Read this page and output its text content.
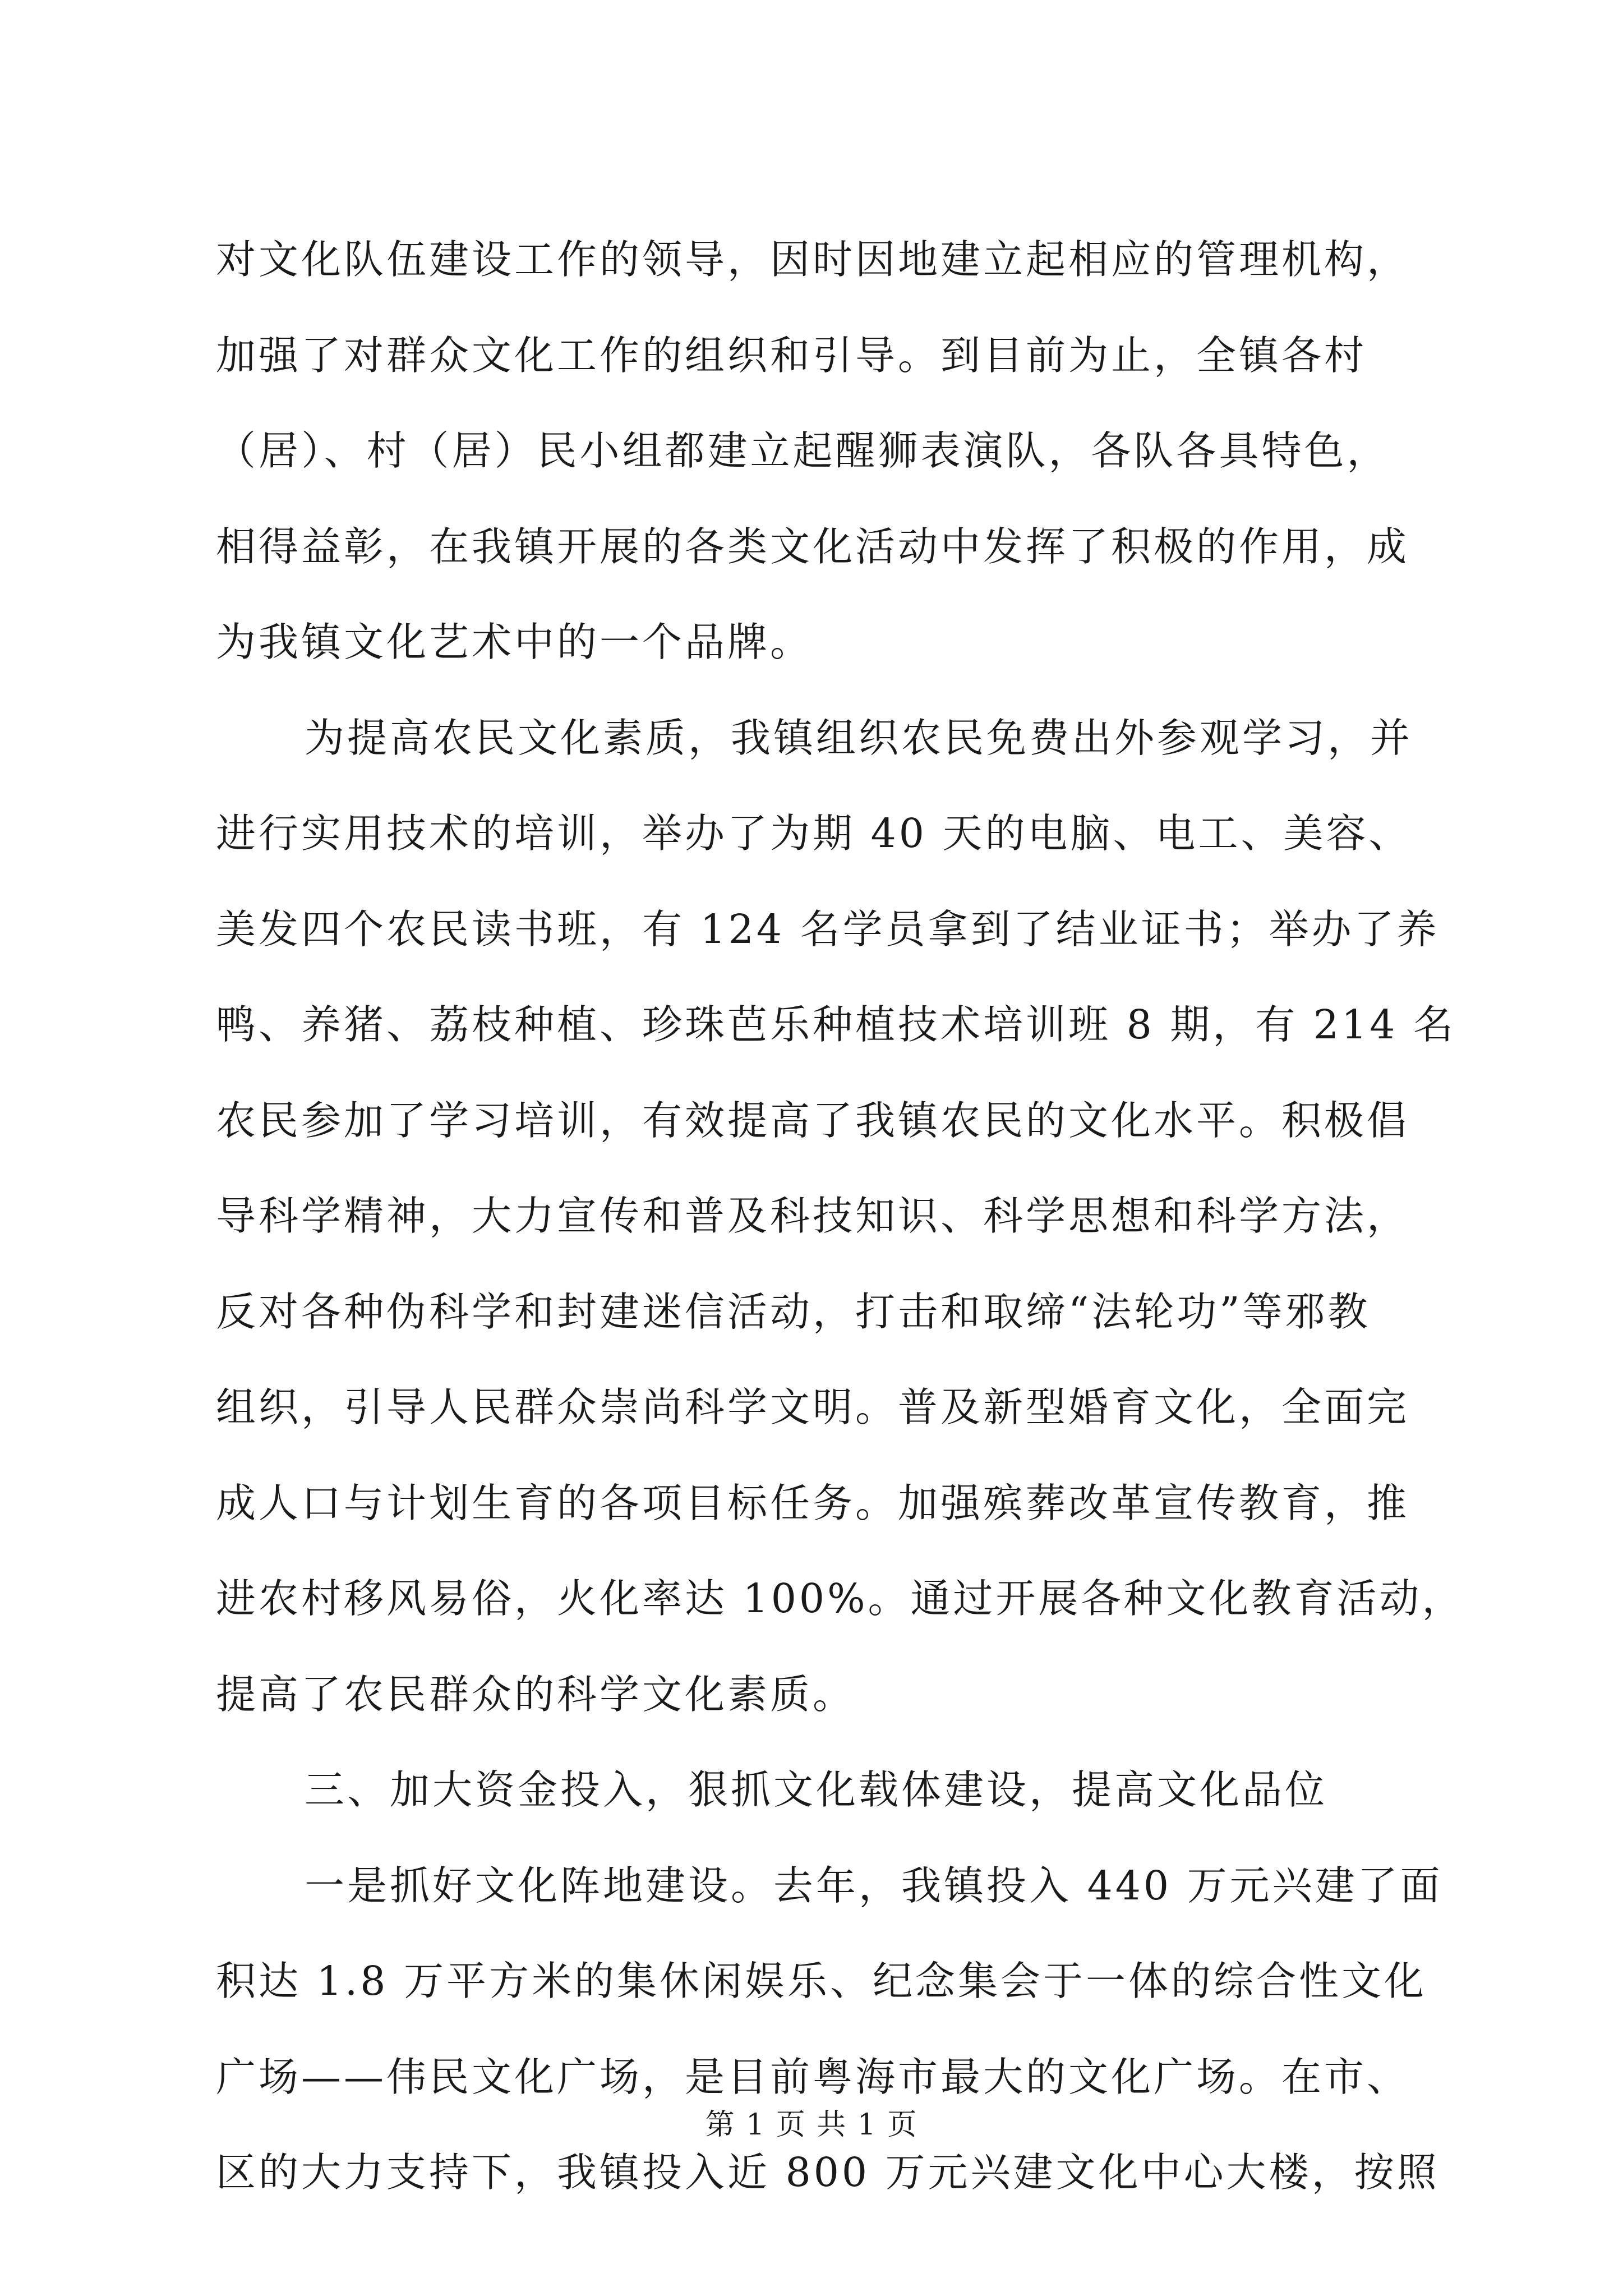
对文化队伍建设工作的领导，因时因地建立起相应的管理机构，
加强了对群众文化工作的组织和引导。到目前为止，全镇各村
（居）、村（居）民小组都建立起醒狮表演队，各队各具特色，
相得益彰，在我镇开展的各类文化活动中发挥了积极的作用，成
为我镇文化艺术中的一个品牌。
为提高农民文化素质，我镇组织农民免费出外参观学习，并
进行实用技术的培训，举办了为期 40 天的电脑、电工、美容、
美发四个农民读书班，有 124 名学员拿到了结业证书；举办了养
鸭、养猪、荔枝种植、珍珠芭乐种植技术培训班 8 期，有 214 名
农民参加了学习培训，有效提高了我镇农民的文化水平。积极倡
导科学精神，大力宣传和普及科技知识、科学思想和科学方法，
反对各种伪科学和封建迷信活动，打击和取缔“法轮功”等邪教
组织，引导人民群众崇尚科学文明。普及新型婚育文化，全面完
成人口与计划生育的各项目标任务。加强殡葬改革宣传教育，推
进农村移风易俗，火化率达 100%。通过开展各种文化教育活动，
提高了农民群众的科学文化素质。
三、加大资金投入，狠抓文化载体建设，提高文化品位
一是抓好文化阵地建设。去年，我镇投入 440 万元兴建了面
积达 1.8 万平方米的集休闲娱乐、纪念集会于一体的综合性文化
广场——伟民文化广场，是目前粤海市最大的文化广场。在市、
区的大力支持下，我镇投入近 800 万元兴建文化中心大楼，按照
第 1 页 共 1 页
